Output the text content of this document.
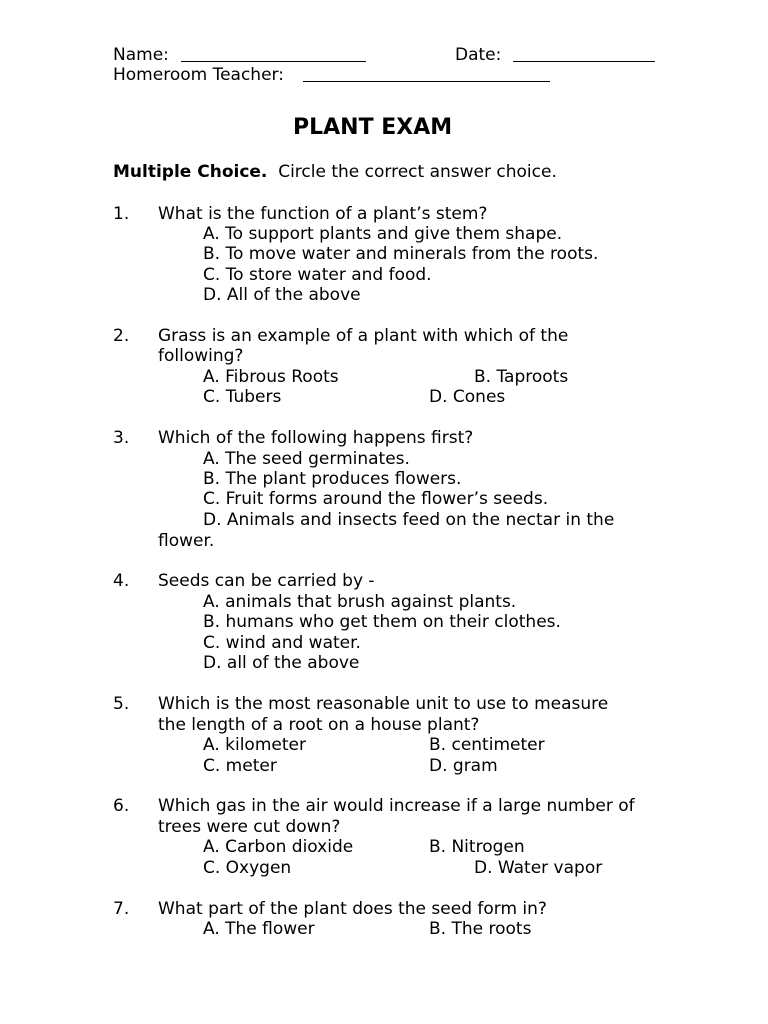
Name:	Date:
Homeroom Teacher:
PLANT EXAM
Multiple Choice. Circle the correct answer choice.
1. What is the function of a plant’s stem?
A. To support plants and give them shape.
B. To move water and minerals from the roots.
C. To store water and food.
D. All of the above
2. Grass is an example of a plant with which of the
following?
A. Fibrous Roots	B. Taproots
C. Tubers	D. Cones
3. Which of the following happens first?
A. The seed germinates.
B. The plant produces flowers.
C. Fruit forms around the flower’s seeds.
D. Animals and insects feed on the nectar in the
flower.
4. Seeds can be carried by -
A. animals that brush against plants.
B. humans who get them on their clothes.
C. wind and water.
D. all of the above
5. Which is the most reasonable unit to use to measure
the length of a root on a house plant?
A. kilometer	B. centimeter
C. meter	D. gram
6. Which gas in the air would increase if a large number of
trees were cut down?
A. Carbon dioxide	B. Nitrogen
C. Oxygen	D. Water vapor
7. What part of the plant does the seed form in?
A. The flower	B. The roots
